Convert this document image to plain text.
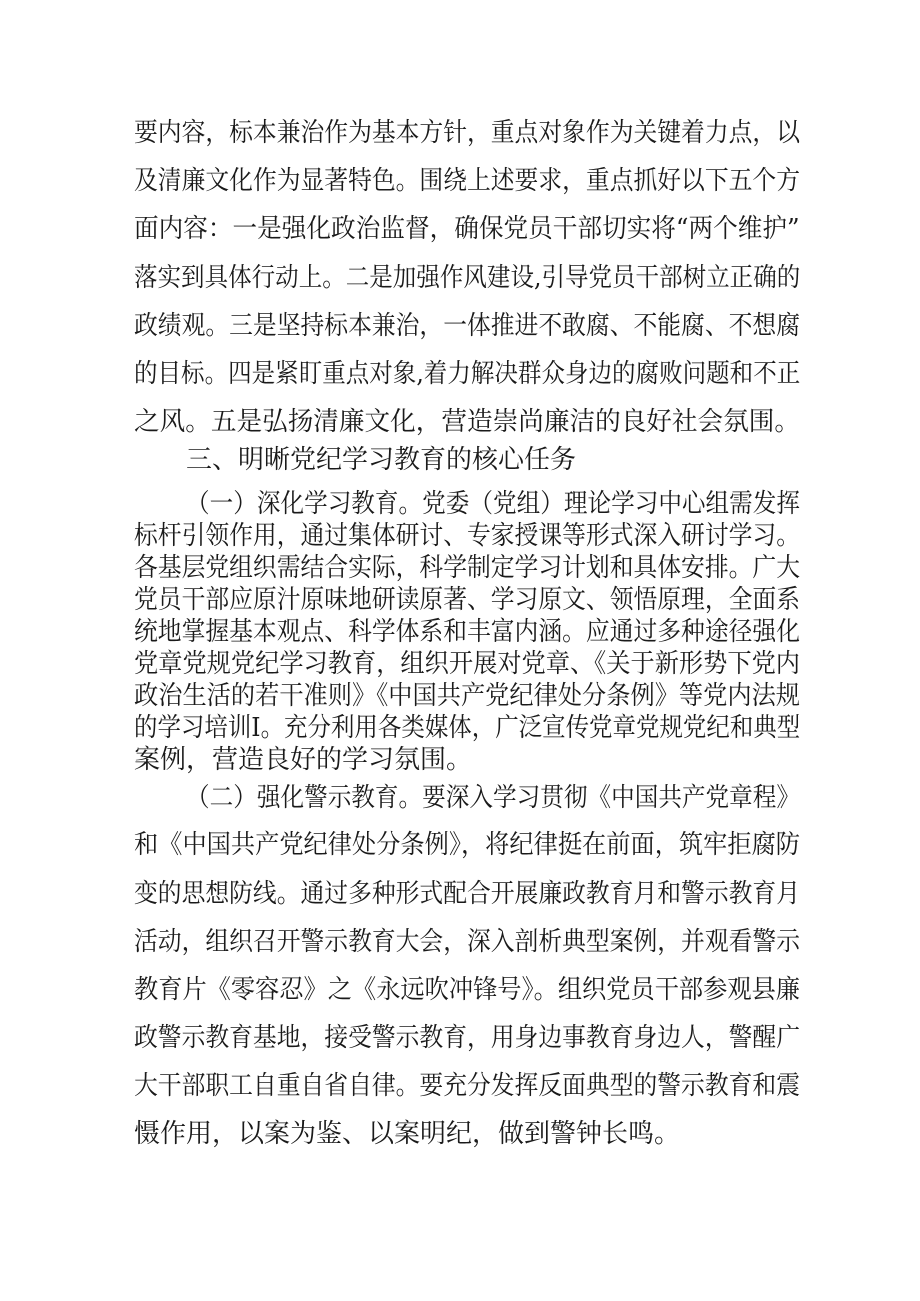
要内容，标本兼治作为基本方针，重点对象作为关键着力点，以
及清廉文化作为显著特色。围绕上述要求，重点抓好以下五个方
面内容：一是强化政治监督，确保党员干部切实将“两个维护”
落实到具体行动上。二是加强作风建设,引导党员干部树立正确的
政绩观。三是坚持标本兼治，一体推进不敢腐、不能腐、不想腐
的目标。四是紧盯重点对象,着力解决群众身边的腐败问题和不正
之风。五是弘扬清廉文化，营造崇尚廉洁的良好社会氛围。
三、明晰党纪学习教育的核心任务
（一）深化学习教育。党委（党组）理论学习中心组需发挥
标杆引领作用，通过集体研讨、专家授课等形式深入研讨学习。
各基层党组织需结合实际，科学制定学习计划和具体安排。广大
党员干部应原汁原味地研读原著、学习原文、领悟原理，全面系
统地掌握基本观点、科学体系和丰富内涵。应通过多种途径强化
党章党规党纪学习教育，组织开展对党章、《关于新形势下党内
政治生活的若干准则》《中国共产党纪律处分条例》等党内法规
的学习培训I。充分利用各类媒体，广泛宣传党章党规党纪和典型
案例，营造良好的学习氛围。
（二）强化警示教育。要深入学习贯彻《中国共产党章程》
和《中国共产党纪律处分条例》，将纪律挺在前面，筑牢拒腐防
变的思想防线。通过多种形式配合开展廉政教育月和警示教育月
活动，组织召开警示教育大会，深入剖析典型案例，并观看警示
教育片《零容忍》之《永远吹冲锋号》。组织党员干部参观县廉
政警示教育基地，接受警示教育，用身边事教育身边人，警醒广
大干部职工自重自省自律。要充分发挥反面典型的警示教育和震
慑作用，以案为鉴、以案明纪，做到警钟长鸣。
